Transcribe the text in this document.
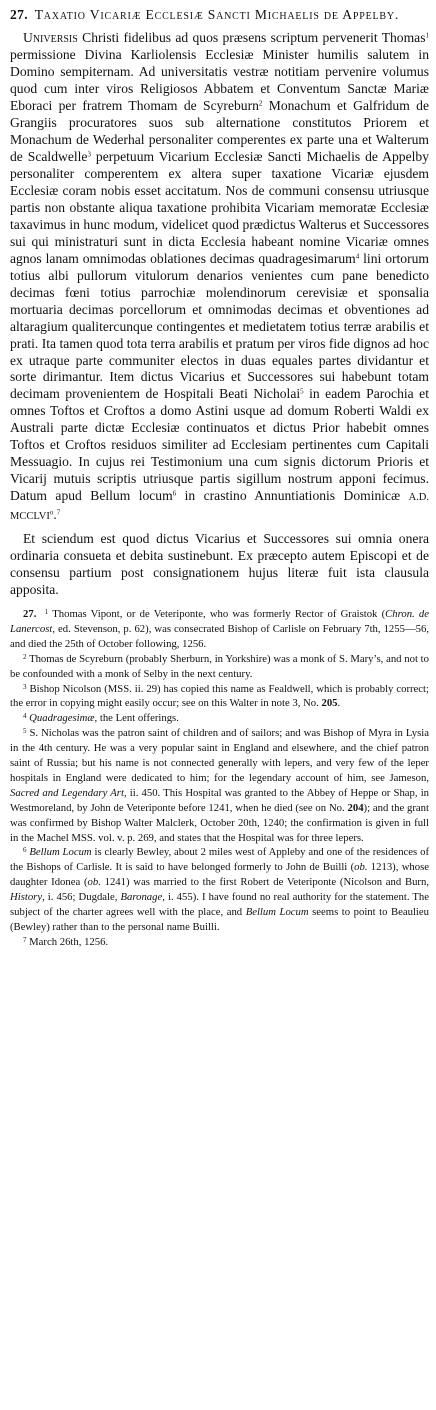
27. Taxatio Vicariæ Ecclesiæ Sancti Michaelis de Appelby.

Universis Christi fidelibus ad quos præsens scriptum pervenerit Thomas$^1$ permissione Divina Karliolensis Ecclesiæ Minister humilis salutem in Domino sempiternam. Ad universitatis vestræ notitiam pervenire volumus quod cum inter viros Religiosos Abbatem et Conventum Sanctæ Mariæ Eboraci per fratrem Thomam de Scyreburn$^2$ Monachum et Galfridum de Grangiis procuratores suos sub alternatione constitutos Priorem et Monachum de Wederhal personaliter comperentes ex parte una et Walterum de Scaldwelle$^3$ perpetuum Vicarium Ecclesiæ Sancti Michaelis de Appelby personaliter comperentem ex altera super taxatione Vicariæ ejusdem Ecclesiæ coram nobis esset accitatum. Nos de communi consensu utriusque partis non obstante aliqua taxatione prohibita Vicariam memoratæ Ecclesiæ taxavimus in hunc modum, videlicet quod prædictus Walterus et Successores sui qui ministraturi sunt in dicta Ecclesia habeant nomine Vicariæ omnes agnos lanam omnimodas oblationes decimas quadragesimarum$^4$ lini ortorum totius albi pullorum vitulorum denarios venientes cum pane benedicto decimas fœni totius parrochiæ molendinorum cerevisiæ et sponsalia mortuaria decimas porcellorum et omnimodas decimas et obventiones ad altaragium qualitercunque contingentes et medietatem totius terræ arabilis et prati. Ita tamen quod tota terra arabilis et pratum per viros fide dignos ad hoc ex utraque parte communiter electos in duas equales partes dividantur et sorte dirimantur. Item dictus Vicarius et Successores sui habebunt totam decimam provenientem de Hospitali Beati Nicholai$^5$ in eadem Parochia et omnes Toftos et Croftos a domo Astini usque ad domum Roberti Waldi ex Australi parte dictæ Ecclesiæ continuatos et dictus Prior habebit omnes Toftos et Croftos residuos similiter ad Ecclesiam pertinentes cum Capitali Messuagio. In cujus rei Testimonium una cum signis dictorum Prioris et Vicarij mutuis scriptis utriusque partis sigillum nostrum apponi fecimus. Datum apud Bellum locum$^6$ in crastino Annuntiationis Dominicæ A.D. MCCLVI$^o$.$^7$

Et sciendum est quod dictus Vicarius et Successores sui omnia onera ordinaria consueta et debita sustinebunt. Ex præcepto autem Episcopi et de consensu partium post consignationem hujus literæ fuit ista clausula apposita.

27. $^1$ Thomas Vipont, or de Veteriponte, who was formerly Rector of Graistok (Chron. de Lanercost, ed. Stevenson, p. 62), was consecrated Bishop of Carlisle on February 7th, 1255—56, and died the 25th of October following, 1256.

$^2$ Thomas de Scyreburn (probably Sherburn, in Yorkshire) was a monk of S. Mary’s, and not to be confounded with a monk of Selby in the next century.

$^3$ Bishop Nicolson (MSS. ii. 29) has copied this name as Fealdwell, which is probably correct; the error in copying might easily occur; see on this Walter in note 3, No. 205.

$^4$ Quadragesimæ, the Lent offerings.

$^5$ S. Nicholas was the patron saint of children and of sailors; and was Bishop of Myra in Lysia in the 4th century. He was a very popular saint in England and elsewhere, and the chief patron saint of Russia; but his name is not connected generally with lepers, and very few of the leper hospitals in England were dedicated to him; for the legendary account of him, see Jameson, Sacred and Legendary Art, ii. 450. This Hospital was granted to the Abbey of Heppe or Shap, in Westmoreland, by John de Veteriponte before 1241, when he died (see on No. 204); and the grant was confirmed by Bishop Walter Malclerk, October 20th, 1240; the confirmation is given in full in the Machel MSS. vol. v. p. 269, and states that the Hospital was for three lepers.

$^6$ Bellum Locum is clearly Bewley, about 2 miles west of Appleby and one of the residences of the Bishops of Carlisle. It is said to have belonged formerly to John de Builli (ob. 1213), whose daughter Idonea (ob. 1241) was married to the first Robert de Veteriponte (Nicolson and Burn, History, i. 456; Dugdale, Baronage, i. 455). I have found no real authority for the statement. The subject of the charter agrees well with the place, and Bellum Locum seems to point to Beaulieu (Bewley) rather than to the personal name Builli.

$^7$ March 26th, 1256.
